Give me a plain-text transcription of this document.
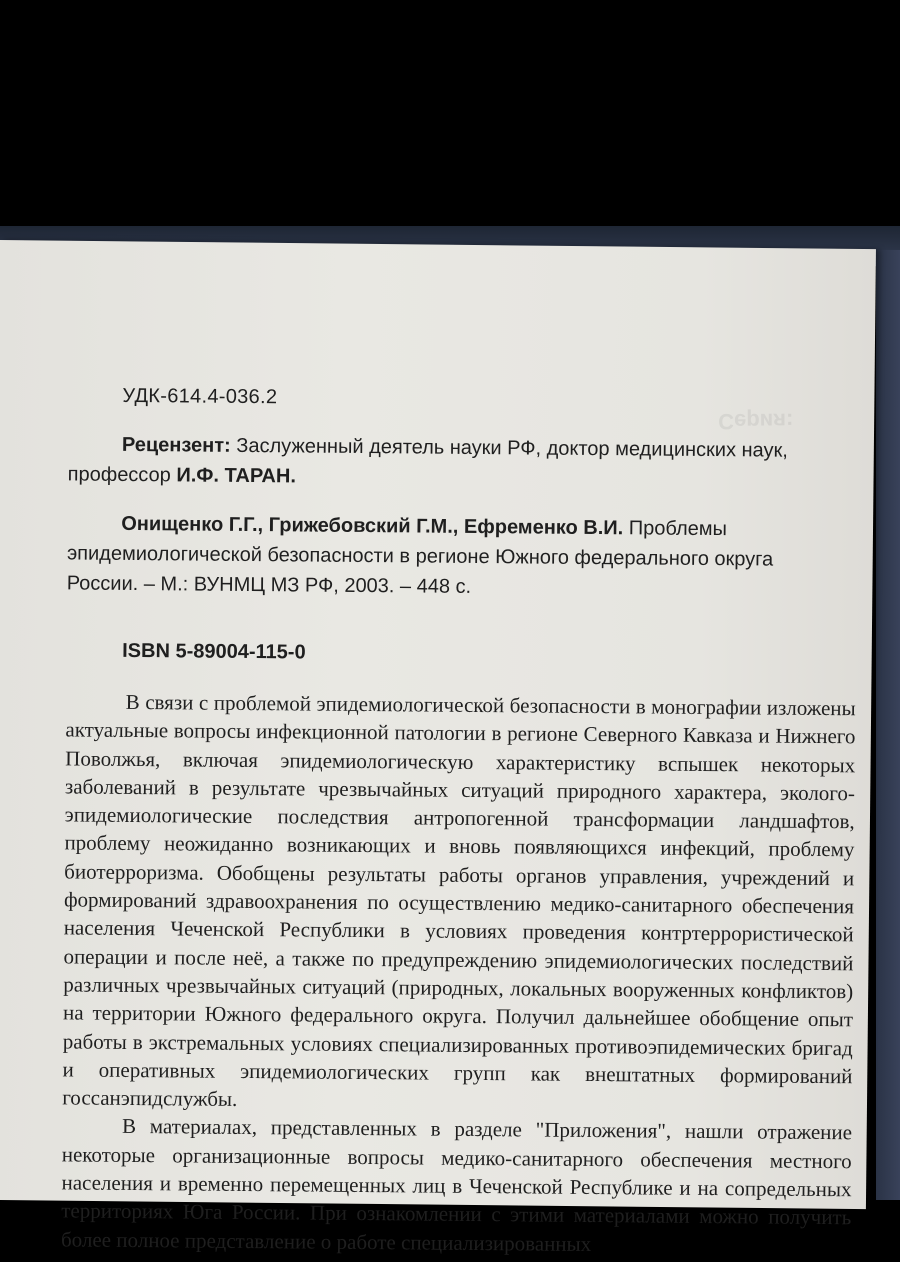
Серия:
УДК-614.4-036.2
Рецензент: Заслуженный деятель науки РФ, доктор медицинских наук,
профессор И.Ф. ТАРАН.
Онищенко Г.Г., Грижебовский Г.М., Ефременко В.И. Проблемы эпидемиологической безопасности в регионе Южного федерального округа России. – М.: ВУНМЦ МЗ РФ, 2003. – 448 с.
ISBN 5-89004-115-0

В связи с проблемой эпидемиологической безопасности в монографии изложены актуальные вопросы инфекционной патологии в регионе Северного Кавказа и Нижнего Поволжья, включая эпидемиологическую характеристику вспышек некоторых заболеваний в результате чрезвычайных ситуаций природного характера, эколого-эпидемиологические последствия антропогенной трансформации ландшафтов, проблему неожиданно возникающих и вновь появляющихся инфекций, проблему биотерроризма. Обобщены результаты работы органов управления, учреждений и формирований здравоохранения по осуществлению медико-санитарного обеспечения населения Чеченской Республики в условиях проведения контртеррористической операции и после неё, а также по предупреждению эпидемиологических последствий различных чрезвычайных ситуаций (природных, локальных вооруженных конфликтов) на территории Южного федерального округа. Получил дальнейшее обобщение опыт работы в экстремальных условиях специализированных противоэпидемических бригад и оперативных эпидемиологических групп как внештатных формирований госсанэпидслужбы.

В материалах, представленных в разделе "Приложения", нашли отражение некоторые организационные вопросы медико-санитарного обеспечения местного населения и временно перемещенных лиц в Чеченской Республике и на сопредельных территориях Юга России. При ознакомлении с этими материалами можно получить более полное представление о работе специализированных
